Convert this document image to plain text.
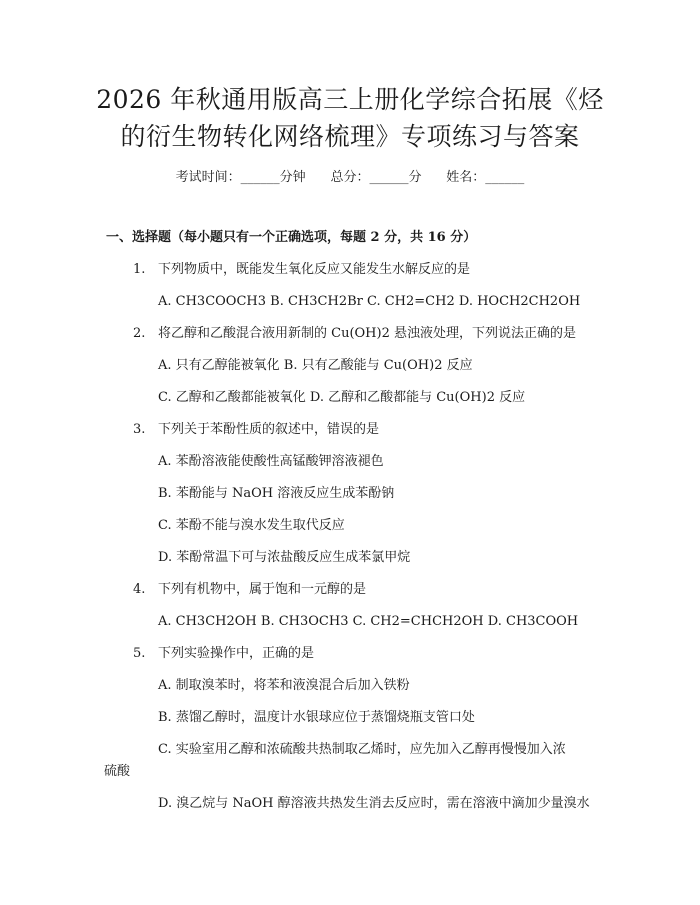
2026 年秋通用版高三上册化学综合拓展《烃
的衍生物转化网络梳理》专项练习与答案
考试时间：______分钟 总分：______分 姓名：______
一、选择题（每小题只有一个正确选项，每题 2 分，共 16 分）
1. 下列物质中，既能发生氧化反应又能发生水解反应的是
A. CH3COOCH3 B. CH3CH2Br C. CH2=CH2 D. HOCH2CH2OH
2. 将乙醇和乙酸混合液用新制的 Cu(OH)2 悬浊液处理，下列说法正确的是
A. 只有乙醇能被氧化 B. 只有乙酸能与 Cu(OH)2 反应
C. 乙醇和乙酸都能被氧化 D. 乙醇和乙酸都能与 Cu(OH)2 反应
3. 下列关于苯酚性质的叙述中，错误的是
A. 苯酚溶液能使酸性高锰酸钾溶液褪色
B. 苯酚能与 NaOH 溶液反应生成苯酚钠
C. 苯酚不能与溴水发生取代反应
D. 苯酚常温下可与浓盐酸反应生成苯氯甲烷
4. 下列有机物中，属于饱和一元醇的是
A. CH3CH2OH B. CH3OCH3 C. CH2=CHCH2OH D. CH3COOH
5. 下列实验操作中，正确的是
A. 制取溴苯时，将苯和液溴混合后加入铁粉
B. 蒸馏乙醇时，温度计水银球应位于蒸馏烧瓶支管口处
C. 实验室用乙醇和浓硫酸共热制取乙烯时，应先加入乙醇再慢慢加入浓
硫酸
D. 溴乙烷与 NaOH 醇溶液共热发生消去反应时，需在溶液中滴加少量溴水
